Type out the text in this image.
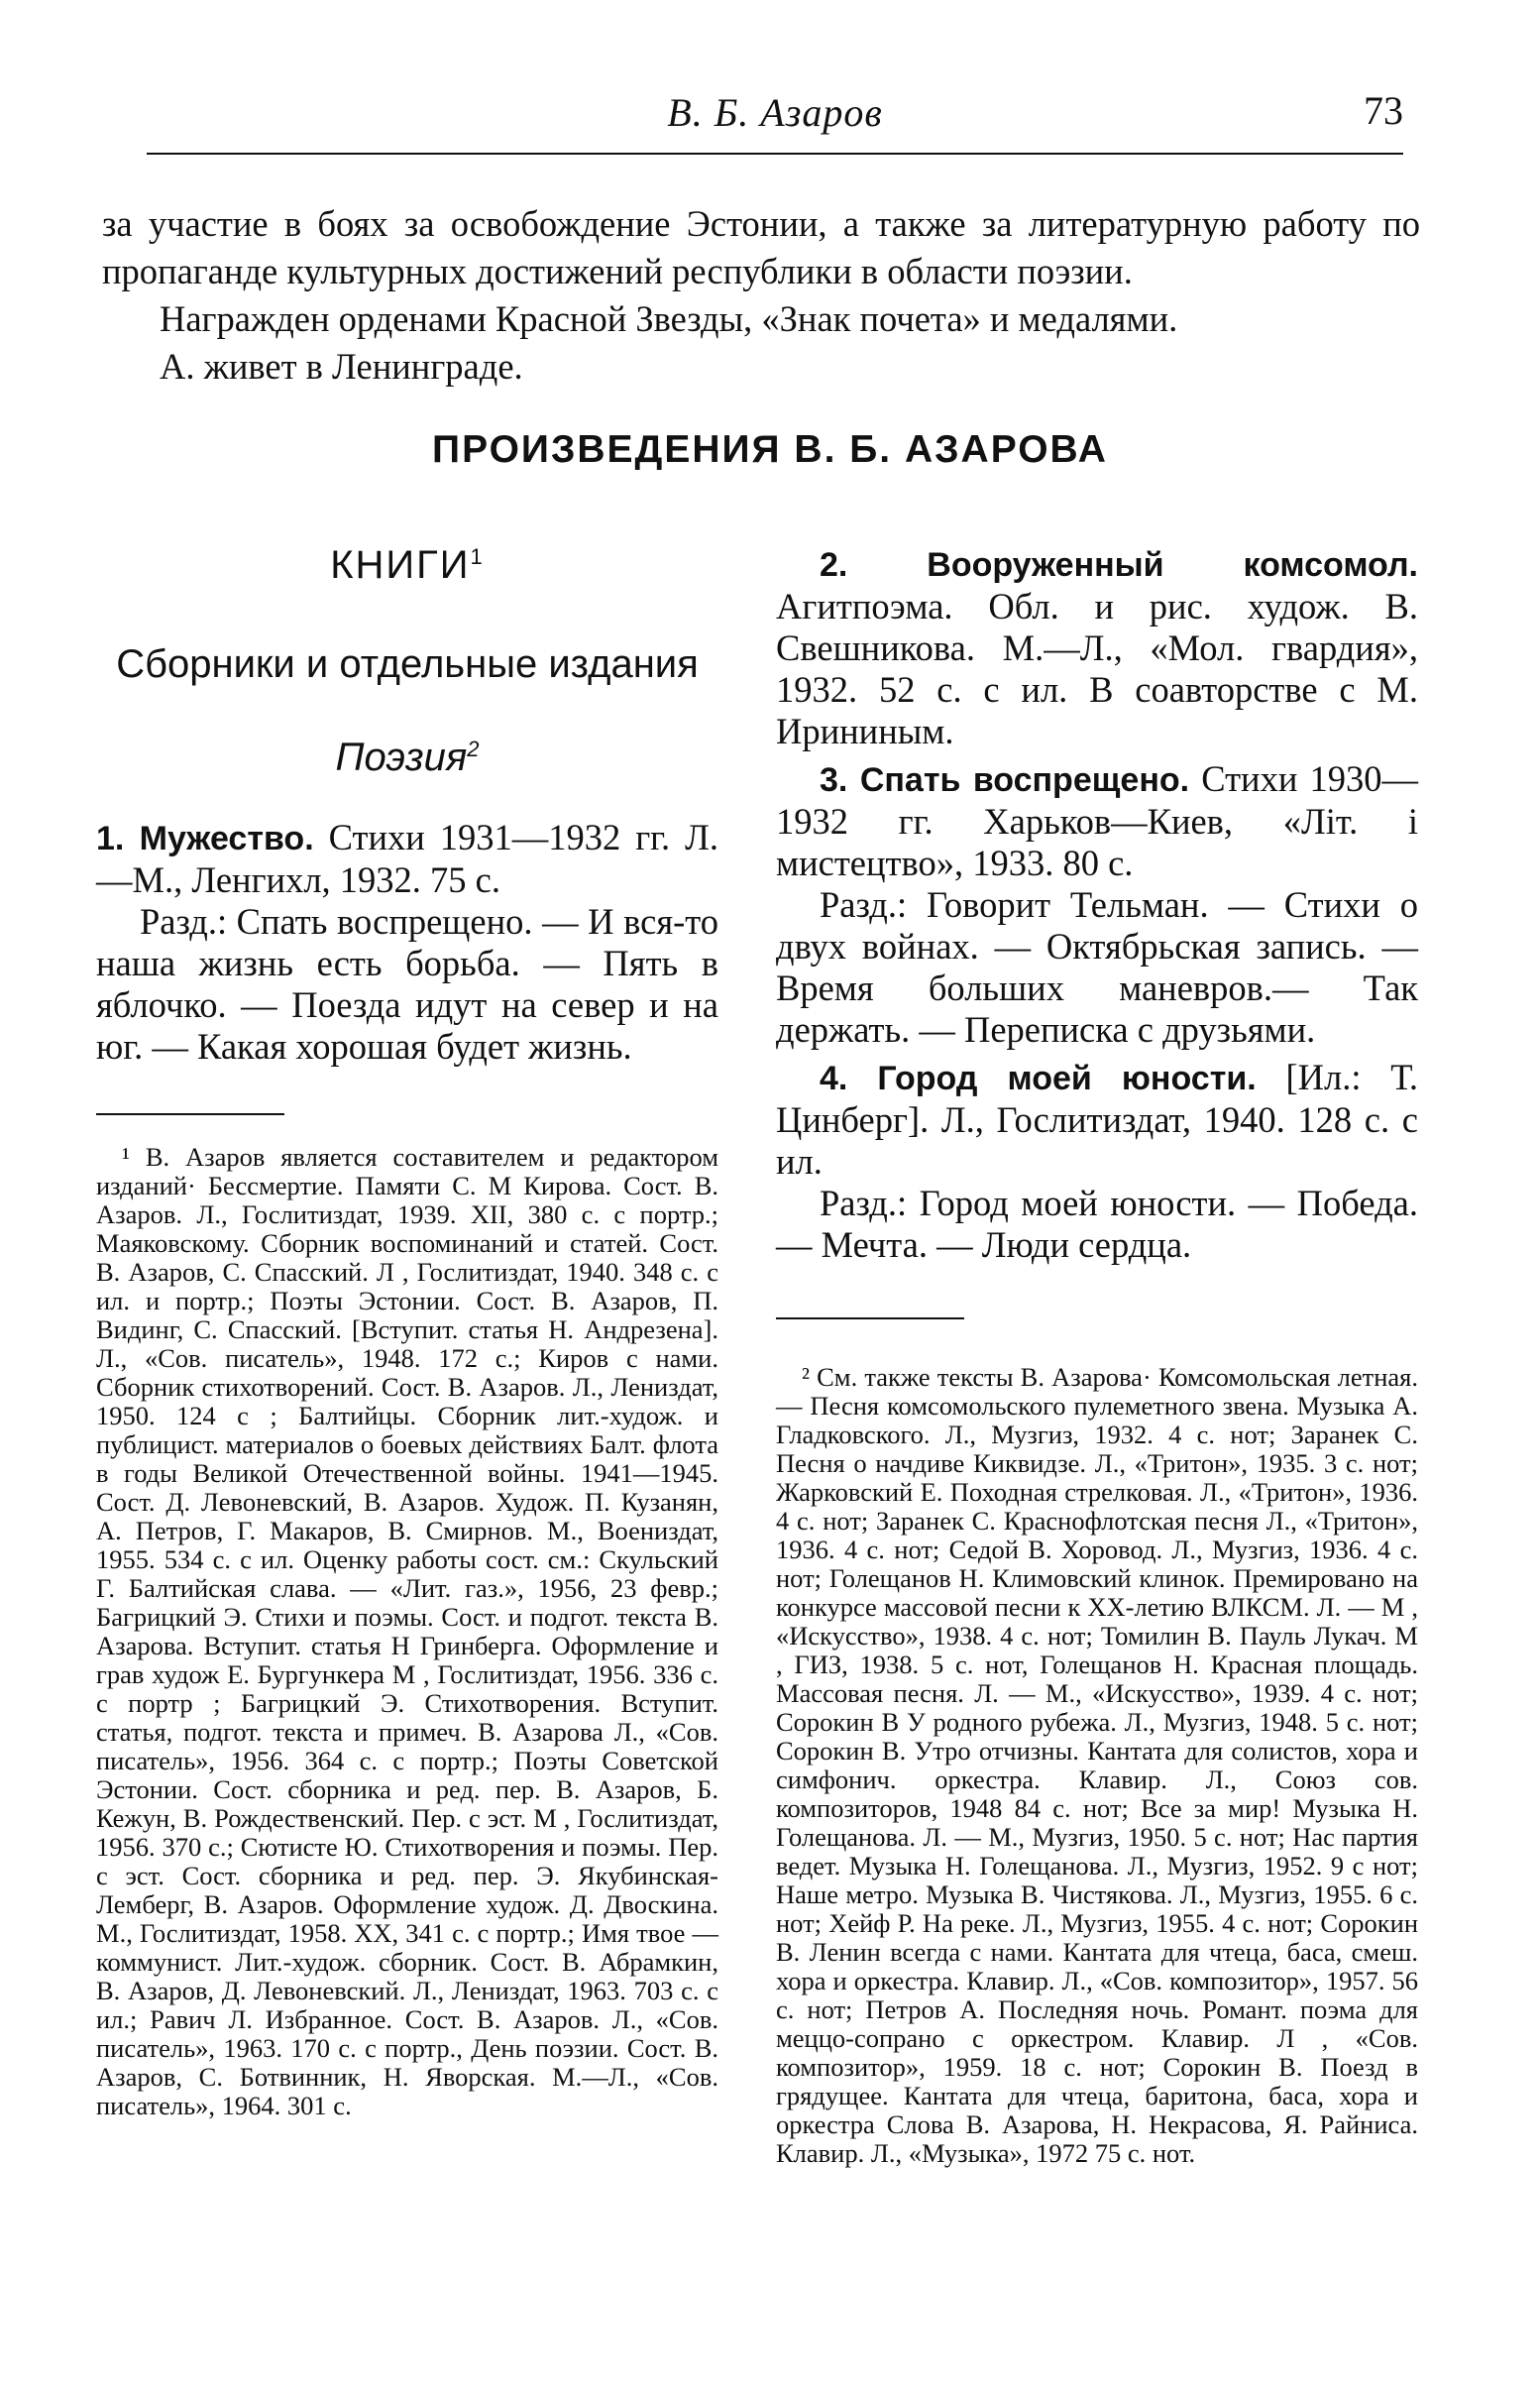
В. Б. Азаров	73

за участие в боях за освобождение Эстонии, а также за литературную работу по пропаганде культурных достижений республики в области поэзии.

Награжден орденами Красной Звезды, «Знак почета» и медалями.

А. живет в Ленинграде.

ПРОИЗВЕДЕНИЯ В. Б. АЗАРОВА
КНИГИ$^1$
Сборники и отдельные издания
Поэзия$^2$

1. Мужество. Стихи 1931—1932 гг. Л.—М., Ленгихл, 1932. 75 с.

Разд.: Спать воспрещено. — И вся-то наша жизнь есть борьба. — Пять в яблочко. — Поезда идут на север и на юг. — Какая хорошая будет жизнь.

¹ В. Азаров является составителем и редактором изданий· Бессмертие. Памяти С. М Кирова. Сост. В. Азаров. Л., Гослитиздат, 1939. XII, 380 с. с портр.; Маяковскому. Сборник воспоминаний и статей. Сост. В. Азаров, С. Спасский. Л , Гослитиздат, 1940. 348 с. с ил. и портр.; Поэты Эстонии. Сост. В. Азаров, П. Видинг, С. Спасский. [Вступит. статья Н. Андрезена]. Л., «Сов. писатель», 1948. 172 с.; Киров с нами. Сборник стихотворений. Сост. В. Азаров. Л., Лениздат, 1950. 124 с ; Балтийцы. Сборник лит.-худож. и публицист. материалов о боевых действиях Балт. флота в годы Великой Отечественной войны. 1941—1945. Сост. Д. Левоневский, В. Азаров. Худож. П. Кузанян, А. Петров, Г. Макаров, В. Смирнов. М., Воениздат, 1955. 534 с. с ил. Оценку работы сост. см.: Скульский Г. Балтийская слава. — «Лит. газ.», 1956, 23 февр.; Багрицкий Э. Стихи и поэмы. Сост. и подгот. текста В. Азарова. Вступит. статья Н Гринберга. Оформление и грав худож Е. Бургункера М , Гослитиздат, 1956. 336 с. с портр ; Багрицкий Э. Стихотворения. Вступит. статья, подгот. текста и примеч. В. Азарова Л., «Сов. писатель», 1956. 364 с. с портр.; Поэты Советской Эстонии. Сост. сборника и ред. пер. В. Азаров, Б. Кежун, В. Рождественский. Пер. с эст. М , Гослитиздат, 1956. 370 с.; Сютисте Ю. Стихотворения и поэмы. Пер. с эст. Сост. сборника и ред. пер. Э. Якубинская-Лемберг, В. Азаров. Оформление худож. Д. Двоскина. М., Гослитиздат, 1958. XX, 341 с. с портр.; Имя твое — коммунист. Лит.-худож. сборник. Сост. В. Абрамкин, В. Азаров, Д. Левоневский. Л., Лениздат, 1963. 703 с. с ил.; Равич Л. Избранное. Сост. В. Азаров. Л., «Сов. писатель», 1963. 170 с. с портр., День поэзии. Сост. В. Азаров, С. Ботвинник, Н. Яворская. М.—Л., «Сов. писатель», 1964. 301 с.

2. Вооруженный комсомол. Агитпоэма. Обл. и рис. худож. В. Свешникова. М.—Л., «Мол. гвардия», 1932. 52 с. с ил. В соавторстве с М. Ирининым.

3. Спать воспрещено. Стихи 1930—1932 гг. Харьков—Киев, «Літ. і мистецтво», 1933. 80 с.

Разд.: Говорит Тельман. — Стихи о двух войнах. — Октябрьская запись. — Время больших маневров.— Так держать. — Переписка с друзьями.

4. Город моей юности. [Ил.: Т. Цинберг]. Л., Гослитиздат, 1940. 128 с. с ил.

Разд.: Город моей юности. — Победа. — Мечта. — Люди сердца.

² См. также тексты В. Азарова· Комсомольская летная. — Песня комсомольского пулеметного звена. Музыка А. Гладковского. Л., Музгиз, 1932. 4 с. нот; Заранек С. Песня о начдиве Киквидзе. Л., «Тритон», 1935. 3 с. нот; Жарковский Е. Походная стрелковая. Л., «Тритон», 1936. 4 с. нот; Заранек С. Краснофлотская песня Л., «Тритон», 1936. 4 с. нот; Седой В. Хоровод. Л., Музгиз, 1936. 4 с. нот; Голещанов Н. Климовский клинок. Премировано на конкурсе массовой песни к XX-летию ВЛКСМ. Л. — М , «Искусство», 1938. 4 с. нот; Томилин В. Пауль Лукач. М , ГИЗ, 1938. 5 с. нот, Голещанов Н. Красная площадь. Массовая песня. Л. — М., «Искусство», 1939. 4 с. нот; Сорокин В У родного рубежа. Л., Музгиз, 1948. 5 с. нот; Сорокин В. Утро отчизны. Кантата для солистов, хора и симфонич. оркестра. Клавир. Л., Союз сов. композиторов, 1948 84 с. нот; Все за мир! Музыка Н. Голещанова. Л. — М., Музгиз, 1950. 5 с. нот; Нас партия ведет. Музыка Н. Голещанова. Л., Музгиз, 1952. 9 с нот; Наше метро. Музыка В. Чистякова. Л., Музгиз, 1955. 6 с. нот; Хейф Р. На реке. Л., Музгиз, 1955. 4 с. нот; Сорокин В. Ленин всегда с нами. Кантата для чтеца, баса, смеш. хора и оркестра. Клавир. Л., «Сов. композитор», 1957. 56 с. нот; Петров А. Последняя ночь. Романт. поэма для меццо-сопрано с оркестром. Клавир. Л , «Сов. композитор», 1959. 18 с. нот; Сорокин В. Поезд в грядущее. Кантата для чтеца, баритона, баса, хора и оркестра Слова В. Азарова, Н. Некрасова, Я. Райниса. Клавир. Л., «Музыка», 1972 75 с. нот.
